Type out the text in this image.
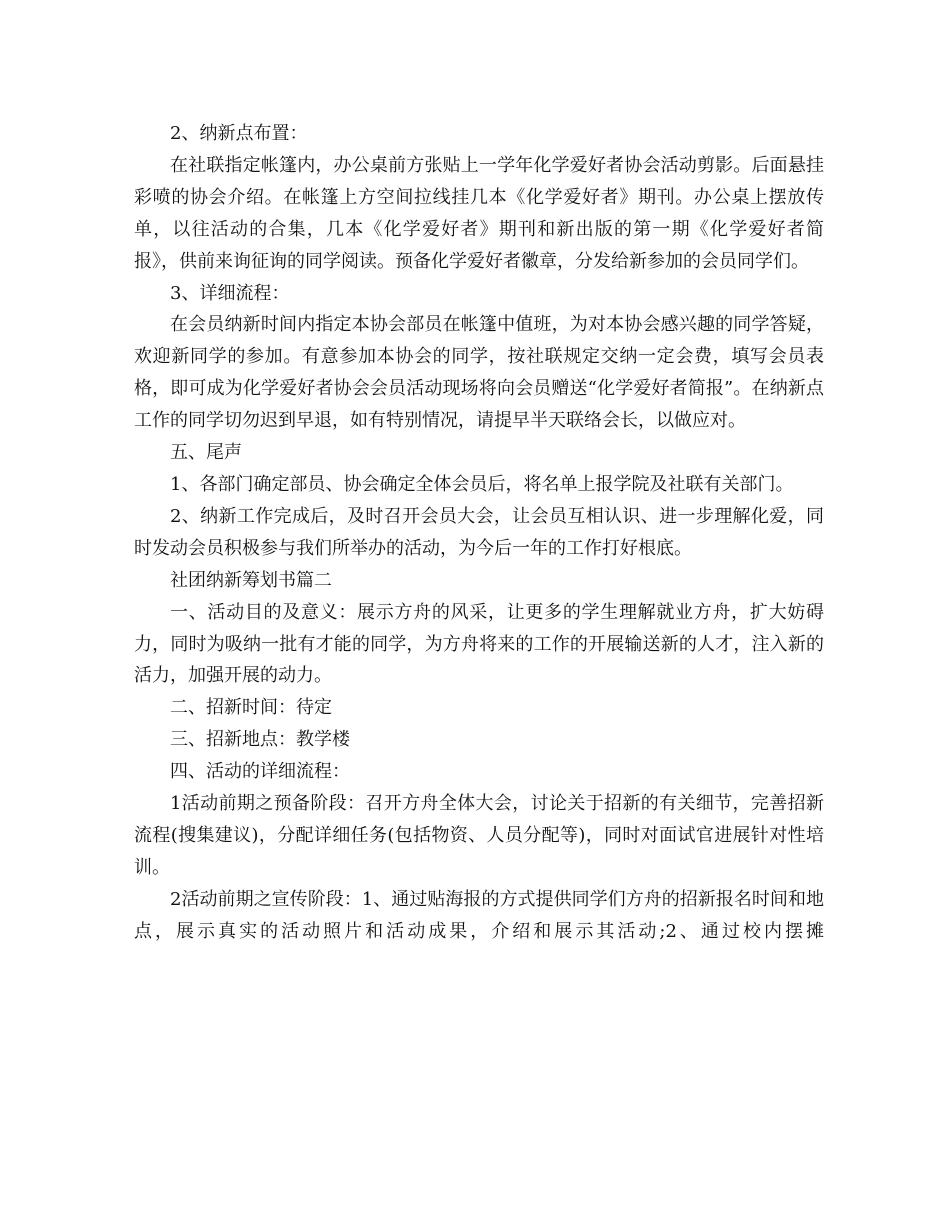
2、纳新点布置：

在社联指定帐篷内，办公桌前方张贴上一学年化学爱好者协会活动剪影。后面悬挂彩喷的协会介绍。在帐篷上方空间拉线挂几本《化学爱好者》期刊。办公桌上摆放传单，以往活动的合集，几本《化学爱好者》期刊和新出版的第一期《化学爱好者简报》，供前来询征询的同学阅读。预备化学爱好者徽章，分发给新参加的会员同学们。

3、详细流程：

在会员纳新时间内指定本协会部员在帐篷中值班，为对本协会感兴趣的同学答疑，欢迎新同学的参加。有意参加本协会的同学，按社联规定交纳一定会费，填写会员表格，即可成为化学爱好者协会会员活动现场将向会员赠送“化学爱好者简报”。在纳新点工作的同学切勿迟到早退，如有特别情况，请提早半天联络会长，以做应对。

五、尾声

1、各部门确定部员、协会确定全体会员后，将名单上报学院及社联有关部门。

2、纳新工作完成后，及时召开会员大会，让会员互相认识、进一步理解化爱，同时发动会员积极参与我们所举办的活动，为今后一年的工作打好根底。

社团纳新筹划书篇二

一、活动目的及意义：展示方舟的风采，让更多的学生理解就业方舟，扩大妨碍力，同时为吸纳一批有才能的同学，为方舟将来的工作的开展输送新的人才，注入新的活力，加强开展的动力。

二、招新时间：待定

三、招新地点：教学楼

四、活动的详细流程：

1活动前期之预备阶段：召开方舟全体大会，讨论关于招新的有关细节，完善招新流程(搜集建议)，分配详细任务(包括物资、人员分配等)，同时对面试官进展针对性培训。

2活动前期之宣传阶段：1、通过贴海报的方式提供同学们方舟的招新报名时间和地点，展示真实的活动照片和活动成果，介绍和展示其活动;2、通过校内摆摊
